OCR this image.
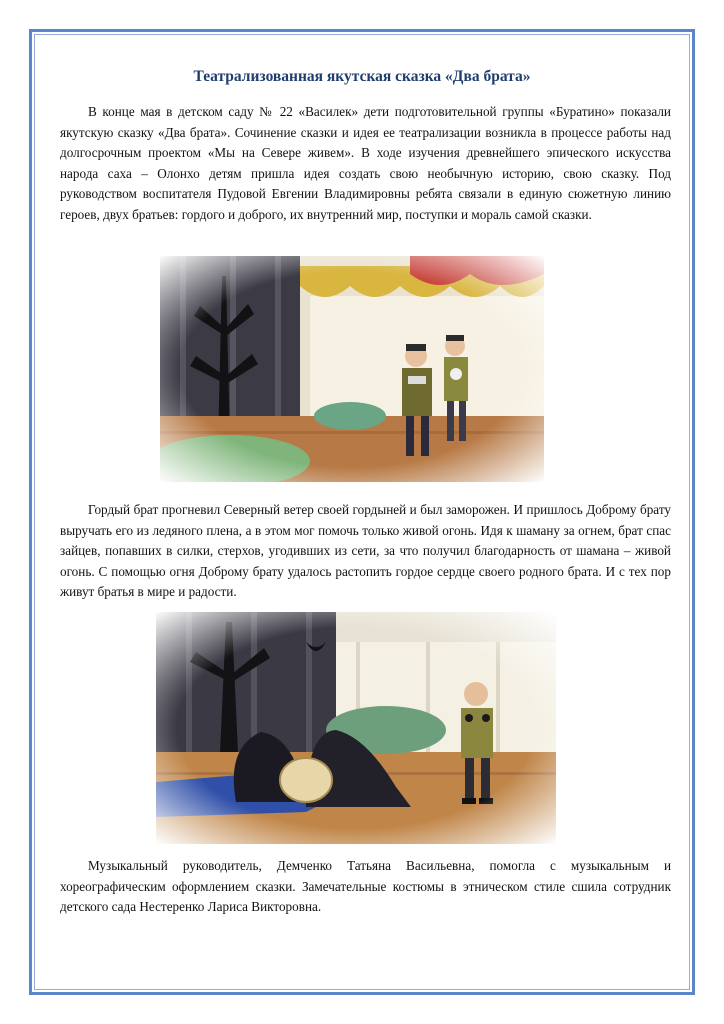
Театрализованная якутская сказка «Два брата»

В конце мая в детском саду № 22 «Василек» дети подготовительной группы «Буратино» показали якутскую сказку «Два брата». Сочинение сказки и идея ее театрализации возникла в процессе работы над долгосрочным проектом «Мы на Севере живем». В ходе изучения древнейшего эпического искусства народа саха – Олонхо детям пришла идея создать свою необычную историю, свою сказку. Под руководством воспитателя Пудовой Евгении Владимировны ребята связали в единую сюжетную линию героев, двух братьев: гордого и доброго, их внутренний мир, поступки и мораль самой сказки.

Гордый брат прогневил Северный ветер своей гордыней и был заморожен. И пришлось Доброму брату выручать его из ледяного плена, а в этом мог помочь только живой огонь. Идя к шаману за огнем, брат спас зайцев, попавших в силки, стерхов, угодивших из сети, за что получил благодарность от шамана – живой огонь. С помощью огня Доброму брату удалось растопить гордое сердце своего родного брата. И с тех пор живут братья в мире и радости.

Музыкальный руководитель, Демченко Татьяна Васильевна, помогла с музыкальным и хореографическим оформлением сказки. Замечательные костюмы в этническом стиле сшила сотрудник детского сада Нестеренко Лариса Викторовна.
